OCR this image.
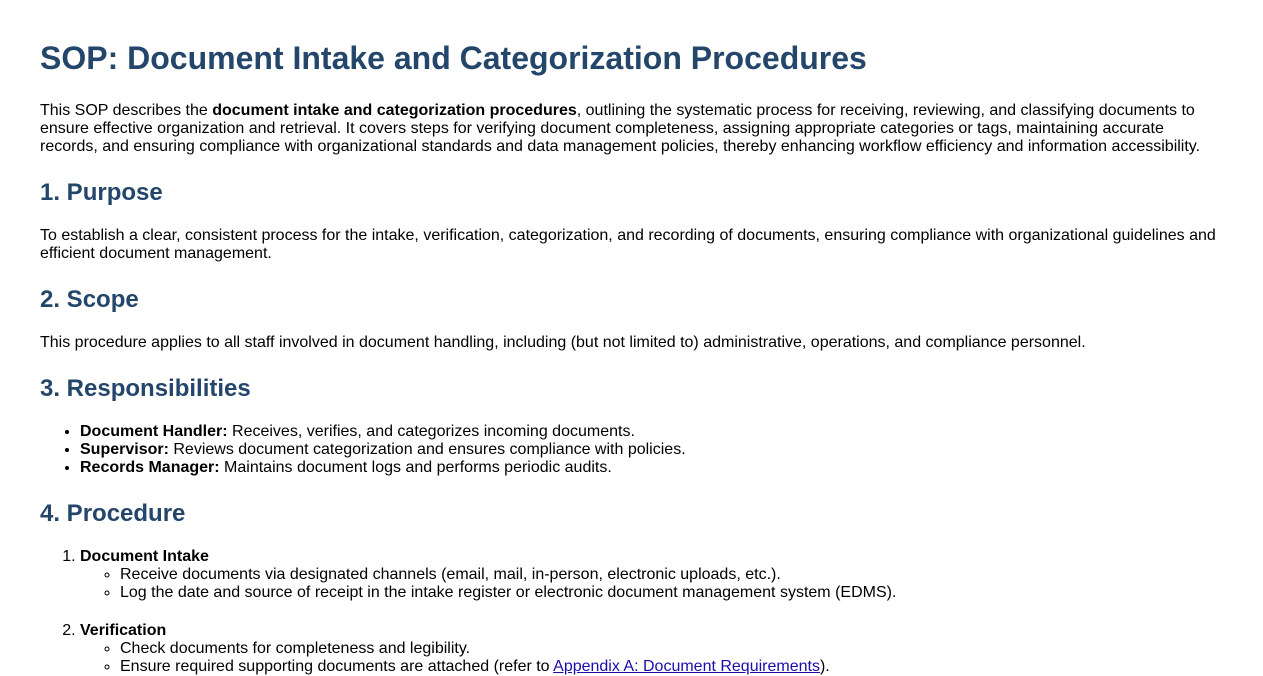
SOP: Document Intake and Categorization Procedures

This SOP describes the document intake and categorization procedures, outlining the systematic process for receiving, reviewing, and classifying documents to ensure effective organization and retrieval. It covers steps for verifying document completeness, assigning appropriate categories or tags, maintaining accurate records, and ensuring compliance with organizational standards and data management policies, thereby enhancing workflow efficiency and information accessibility.

1. Purpose

To establish a clear, consistent process for the intake, verification, categorization, and recording of documents, ensuring compliance with organizational guidelines and efficient document management.

2. Scope

This procedure applies to all staff involved in document handling, including (but not limited to) administrative, operations, and compliance personnel.

3. Responsibilities
• Document Handler: Receives, verifies, and categorizes incoming documents.
• Supervisor: Reviews document categorization and ensures compliance with policies.
• Records Manager: Maintains document logs and performs periodic audits.
4. Procedure
1. Document Intake
◦ Receive documents via designated channels (email, mail, in-person, electronic uploads, etc.).
◦ Log the date and source of receipt in the intake register or electronic document management system (EDMS).
2. Verification
◦ Check documents for completeness and legibility.
◦ Ensure required supporting documents are attached (refer to Appendix A: Document Requirements).
